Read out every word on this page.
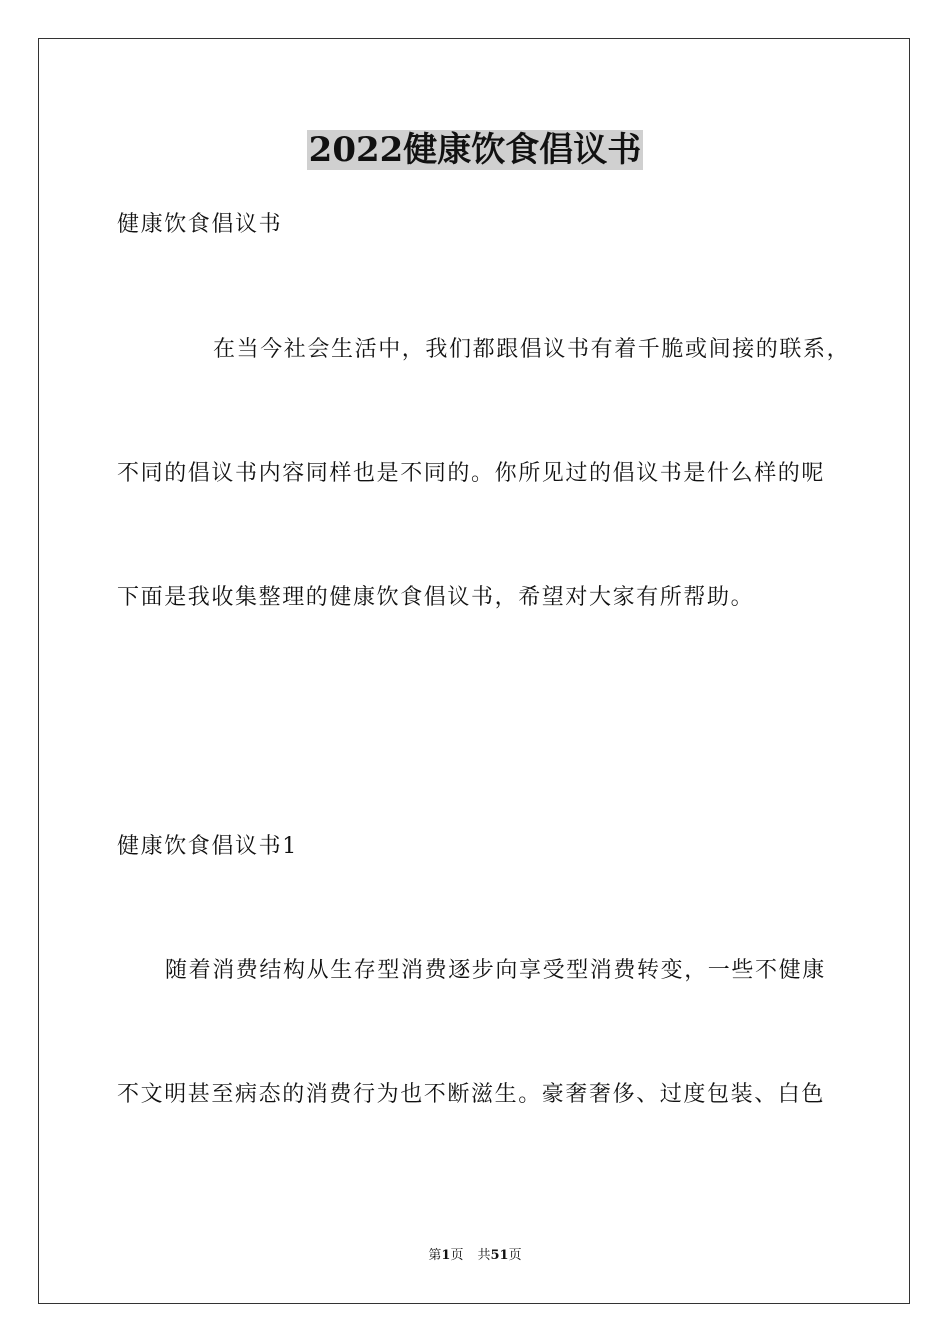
2022健康饮食倡议书
健康饮食倡议书
在当今社会生活中，我们都跟倡议书有着千脆或间接的联系，
不同的倡议书内容同样也是不同的。你所见过的倡议书是什么样的呢
下面是我收集整理的健康饮食倡议书，希望对大家有所帮助。
健康饮食倡议书1
随着消费结构从生存型消费逐步向享受型消费转变，一些不健康
不文明甚至病态的消费行为也不断滋生。豪奢奢侈、过度包装、白色
第1页 共51页
